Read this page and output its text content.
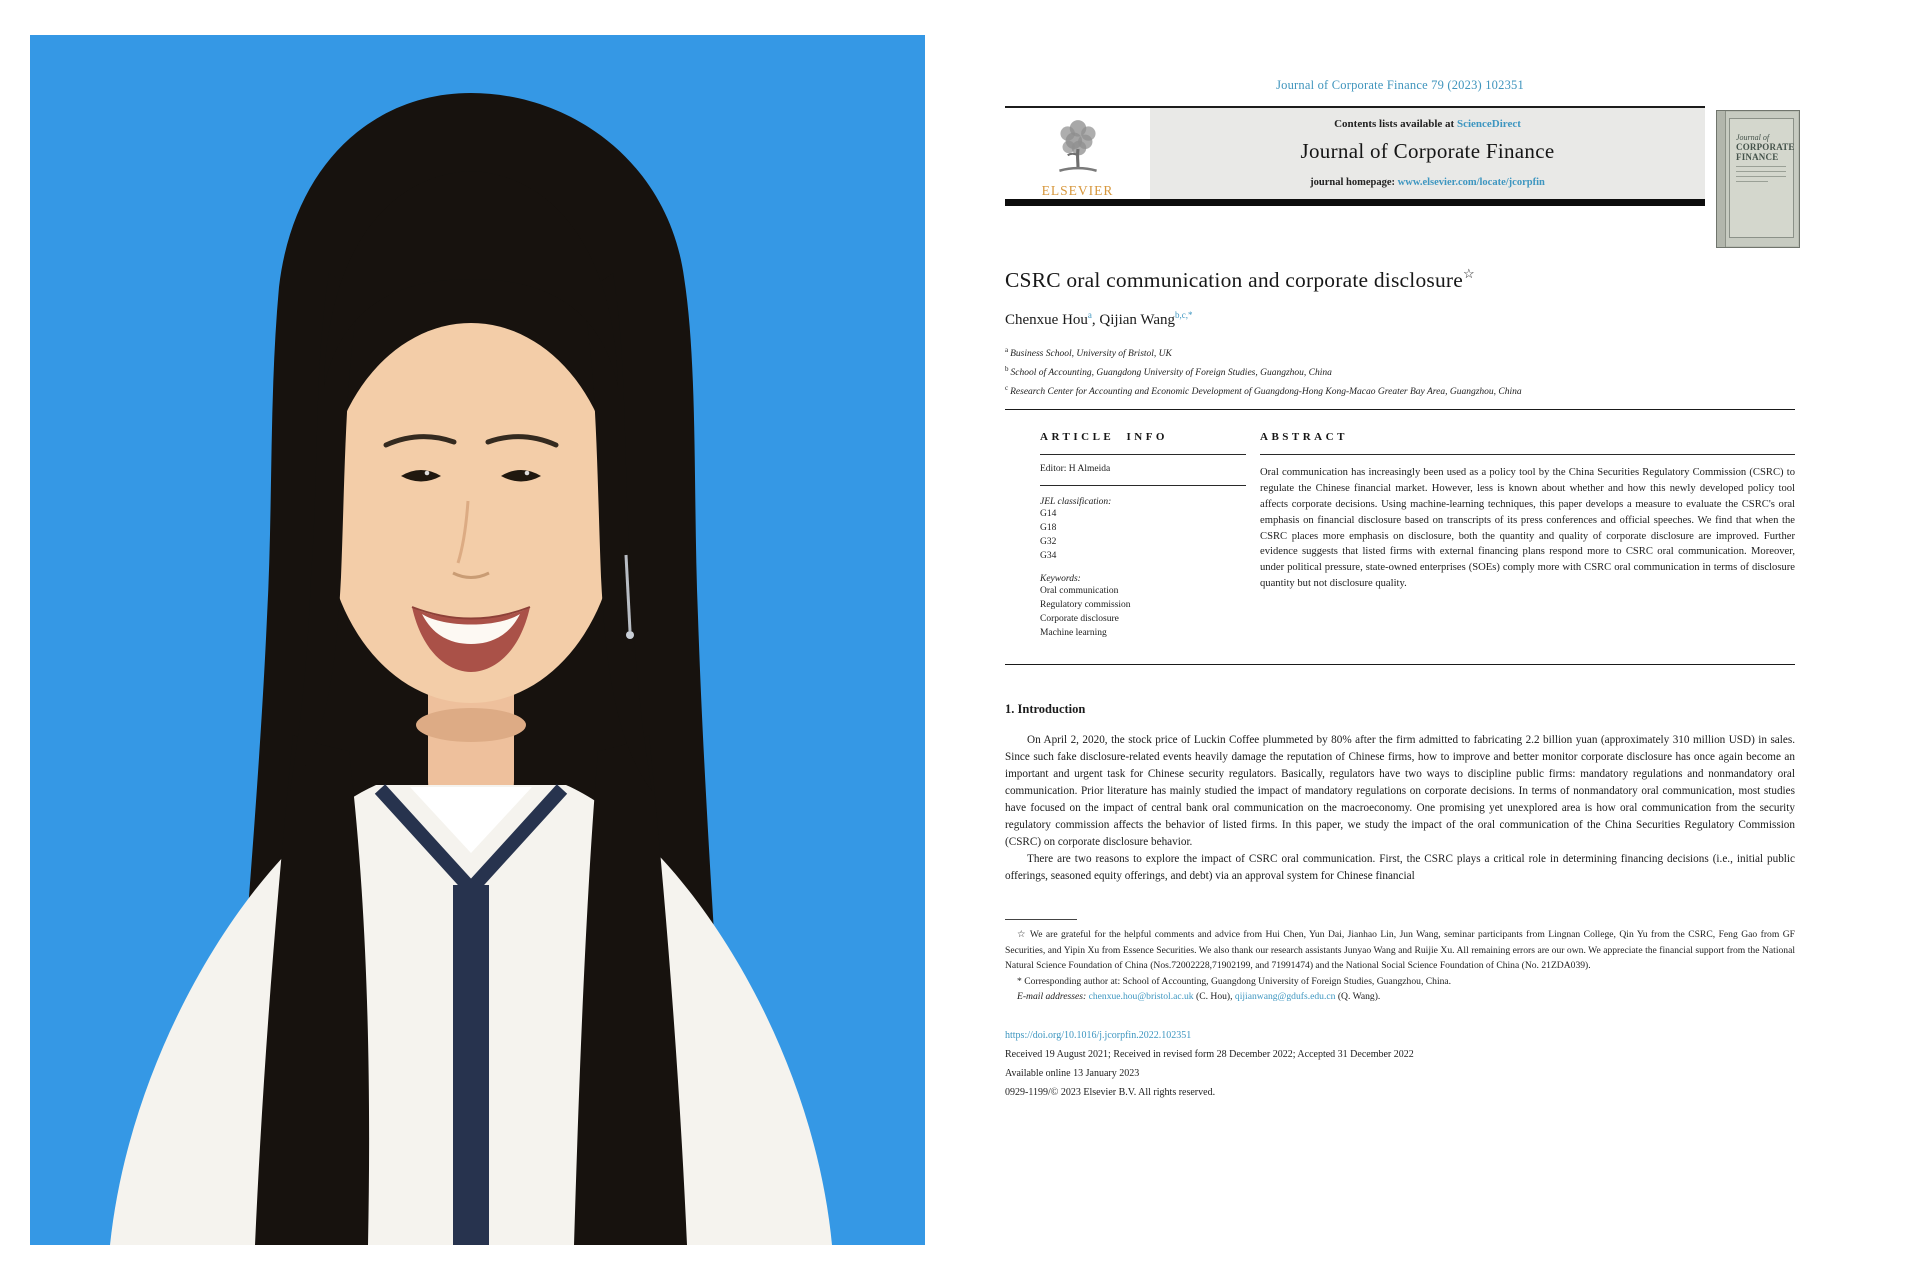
Journal of Corporate Finance 79 (2023) 102351
ELSEVIER
Contents lists available at ScienceDirect
Journal of Corporate Finance
journal homepage: www.elsevier.com/locate/jcorpfin
Journal of
CORPORATE
FINANCE
CSRC oral communication and corporate disclosure☆
Chenxue Hou$^a$, Qijian Wang$^{b,c,*}$
$^a$ Business School, University of Bristol, UK
$^b$ School of Accounting, Guangdong University of Foreign Studies, Guangzhou, China
$^c$ Research Center for Accounting and Economic Development of Guangdong-Hong Kong-Macao Greater Bay Area, Guangzhou, China
ARTICLE INFO
Editor: H Almeida
JEL classification:
G14
G18
G32
G34
Keywords:
Oral communication
Regulatory commission
Corporate disclosure
Machine learning
ABSTRACT
Oral communication has increasingly been used as a policy tool by the China Securities Regulatory Commission (CSRC) to regulate the Chinese financial market. However, less is known about whether and how this newly developed policy tool affects corporate decisions. Using machine-learning techniques, this paper develops a measure to evaluate the CSRC's oral emphasis on financial disclosure based on transcripts of its press conferences and official speeches. We find that when the CSRC places more emphasis on disclosure, both the quantity and quality of corporate disclosure are improved. Further evidence suggests that listed firms with external financing plans respond more to CSRC oral communication. Moreover, under political pressure, state-owned enterprises (SOEs) comply more with CSRC oral communication in terms of disclosure quantity but not disclosure quality.
1. Introduction

On April 2, 2020, the stock price of Luckin Coffee plummeted by 80% after the firm admitted to fabricating 2.2 billion yuan (approximately 310 million USD) in sales. Since such fake disclosure-related events heavily damage the reputation of Chinese firms, how to improve and better monitor corporate disclosure has once again become an important and urgent task for Chinese security regulators. Basically, regulators have two ways to discipline public firms: mandatory regulations and nonmandatory oral communication. Prior literature has mainly studied the impact of mandatory regulations on corporate decisions. In terms of nonmandatory oral communication, most studies have focused on the impact of central bank oral communication on the macroeconomy. One promising yet unexplored area is how oral communication from the security regulatory commission affects the behavior of listed firms. In this paper, we study the impact of the oral communication of the China Securities Regulatory Commission (CSRC) on corporate disclosure behavior.

There are two reasons to explore the impact of CSRC oral communication. First, the CSRC plays a critical role in determining financing decisions (i.e., initial public offerings, seasoned equity offerings, and debt) via an approval system for Chinese financial

☆ We are grateful for the helpful comments and advice from Hui Chen, Yun Dai, Jianhao Lin, Jun Wang, seminar participants from Lingnan College, Qin Yu from the CSRC, Feng Gao from GF Securities, and Yipin Xu from Essence Securities. We also thank our research assistants Junyao Wang and Ruijie Xu. All remaining errors are our own. We appreciate the financial support from the National Natural Science Foundation of China (Nos.72002228,71902199, and 71991474) and the National Social Science Foundation of China (No. 21ZDA039).
* Corresponding author at: School of Accounting, Guangdong University of Foreign Studies, Guangzhou, China.
E-mail addresses: chenxue.hou@bristol.ac.uk (C. Hou), qijianwang@gdufs.edu.cn (Q. Wang).
https://doi.org/10.1016/j.jcorpfin.2022.102351
Received 19 August 2021; Received in revised form 28 December 2022; Accepted 31 December 2022
Available online 13 January 2023
0929-1199/© 2023 Elsevier B.V. All rights reserved.
